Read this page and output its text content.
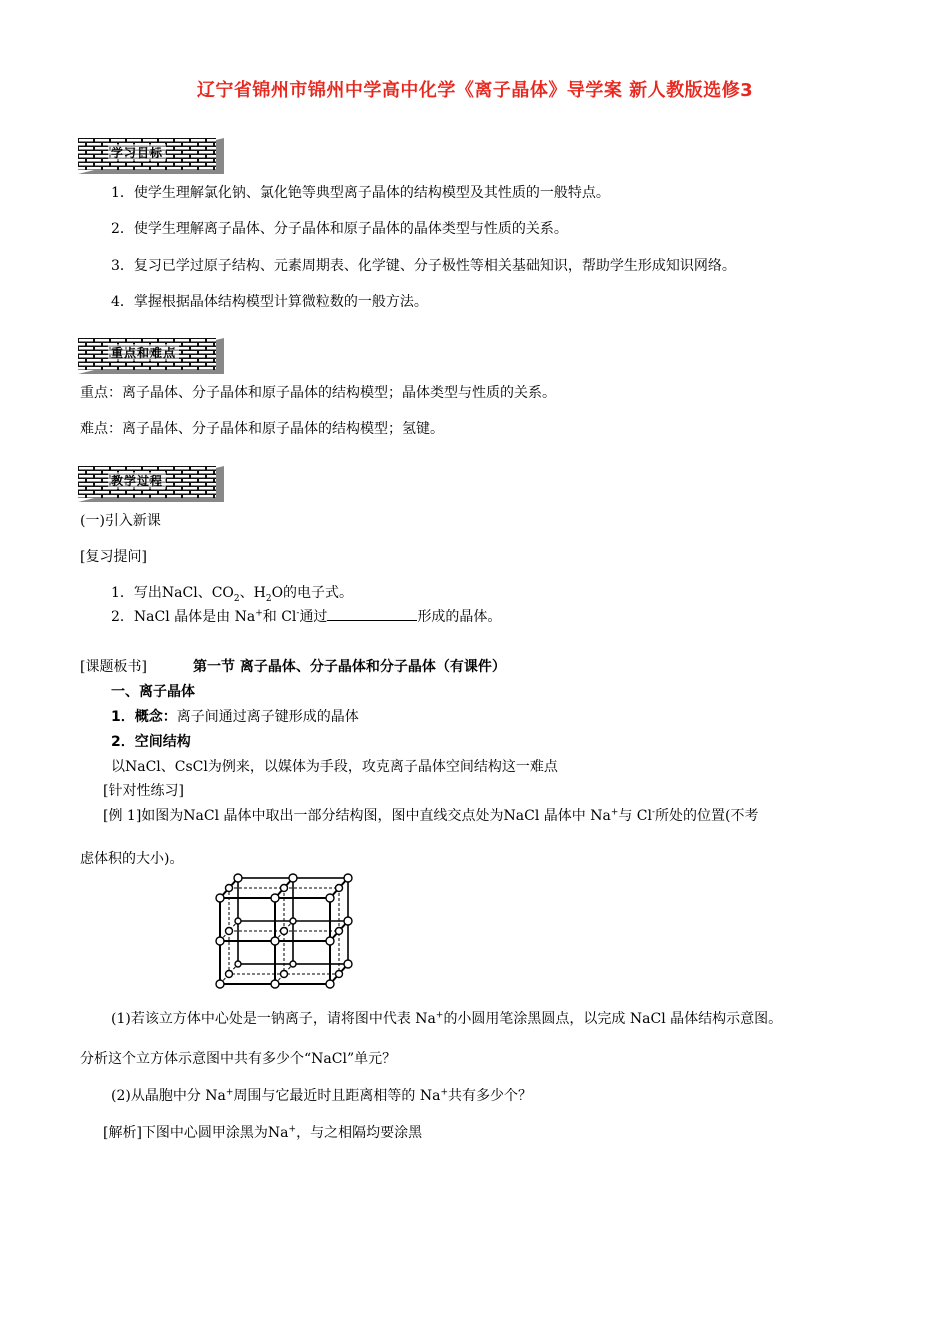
辽宁省锦州市锦州中学高中化学《离子晶体》导学案 新人教版选修3
学习目标
1．使学生理解氯化钠、氯化铯等典型离子晶体的结构模型及其性质的一般特点。
2．使学生理解离子晶体、分子晶体和原子晶体的晶体类型与性质的关系。
3．复习已学过原子结构、元素周期表、化学键、分子极性等相关基础知识，帮助学生形成知识网络。
4．掌握根据晶体结构模型计算微粒数的一般方法。
重点和难点
重点：离子晶体、分子晶体和原子晶体的结构模型；晶体类型与性质的关系。
难点：离子晶体、分子晶体和原子晶体的结构模型；氢键。
教学过程
(一)引入新课
[复习提问]
1．写出NaCl、$CO_2$、$H_2O$的电子式。
2．NaCl 晶体是由 Na+和 Cl-通过	形成的晶体。
[课题板书]	第一节 离子晶体、分子晶体和分子晶体（有课件）
一、离子晶体
1．概念：离子间通过离子键形成的晶体
2．空间结构
以NaCl、CsCl为例来，以媒体为手段，攻克离子晶体空间结构这一难点
[针对性练习]
[例 1]如图为NaCl 晶体中取出一部分结构图，图中直线交点处为NaCl 晶体中 Na+与 Cl-所处的位置(不考
虑体积的大小)。
(1)若该立方体中心处是一钠离子，请将图中代表 Na+的小圆用笔涂黑圆点，以完成 NaCl 晶体结构示意图。
分析这个立方体示意图中共有多少个“NaCl”单元？
(2)从晶胞中分 Na+周围与它最近时且距离相等的 Na+共有多少个？
[解析]下图中心圆甲涂黑为Na+，与之相隔均要涂黑
